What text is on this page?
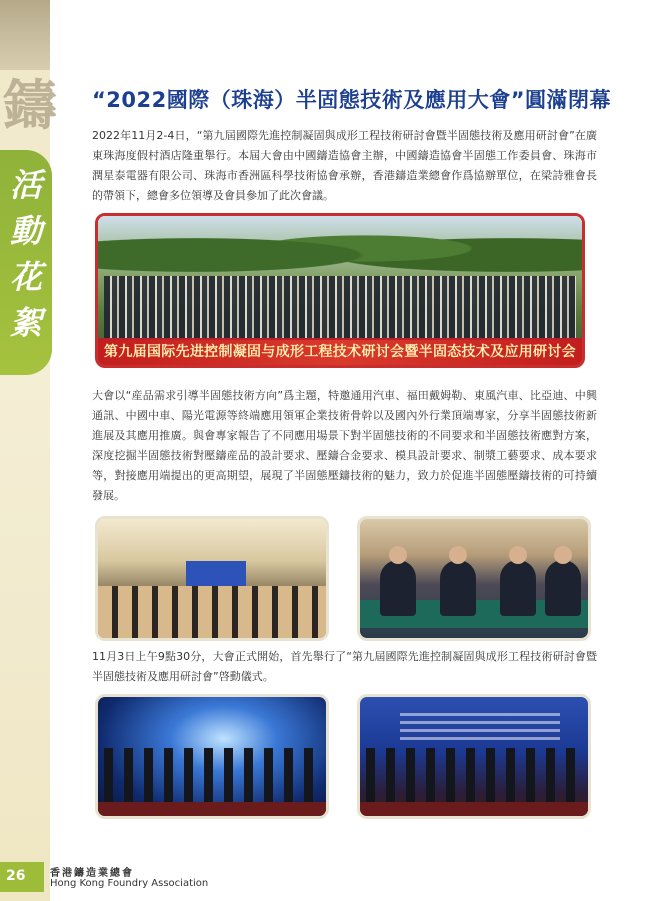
鑄
活
動
花
絮
“2022國際（珠海）半固態技術及應用大會”圓滿閉幕
2022年11月2-4日，“第九屆國際先進控制凝固與成形工程技術研討會暨半固態技術及應用研討會”在廣東珠海度假村酒店隆重舉行。本屆大會由中國鑄造協會主辦，中國鑄造協會半固態工作委員會、珠海市潤星泰電器有限公司、珠海市香洲區科學技術協會承辦，香港鑄造業總會作爲協辦單位，在梁詩雅會長的帶領下，總會多位領導及會員參加了此次會議。
第九届国际先进控制凝固与成形工程技术研讨会暨半固态技术及应用研讨会
大會以“産品需求引導半固態技術方向”爲主題，特邀通用汽車、福田戴姆勒、東風汽車、比亞迪、中興通訊、中國中車、陽光電源等終端應用領軍企業技術骨幹以及國內外行業頂端專家，分享半固態技術新進展及其應用推廣。與會專家報告了不同應用場景下對半固態技術的不同要求和半固態技術應對方案，深度挖掘半固態技術對壓鑄産品的設計要求、壓鑄合金要求、模具設計要求、制漿工藝要求、成本要求等，對接應用端提出的更高期望，展現了半固態壓鑄技術的魅力，致力於促進半固態壓鑄技術的可持續發展。
11月3日上午9點30分，大會正式開始，首先舉行了“第九屆國際先進控制凝固與成形工程技術研討會暨半固態技術及應用研討會”啓動儀式。
26 香港鑄造業總會
Hong Kong Foundry Association
